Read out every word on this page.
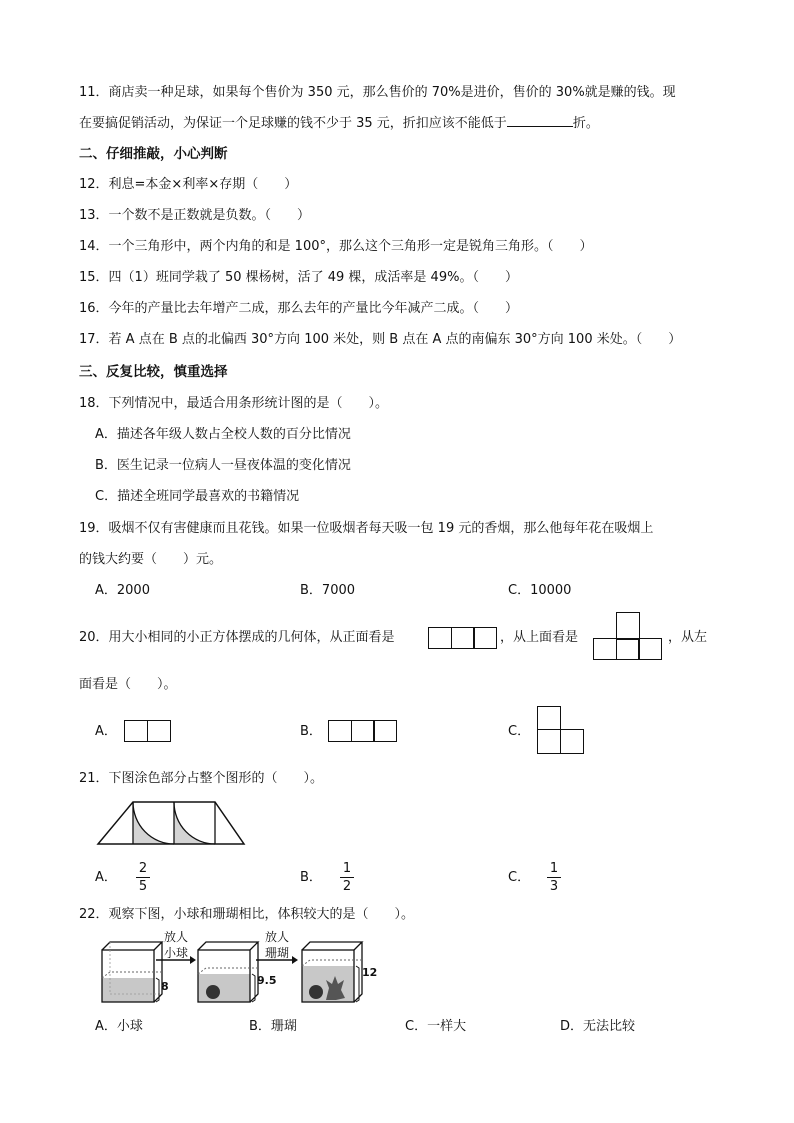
11．商店卖一种足球，如果每个售价为 350 元，那么售价的 70%是进价，售价的 30%就是赚的钱。现
在要搞促销活动，为保证一个足球赚的钱不少于 35 元，折扣应该不能低于	折。
二、仔细推敲，小心判断
12．利息=本金×利率×存期（　　）
13．一个数不是正数就是负数。（　　）
14．一个三角形中，两个内角的和是 100°，那么这个三角形一定是锐角三角形。（　　）
15．四（1）班同学栽了 50 棵杨树，活了 49 棵，成活率是 49%。（　　）
16．今年的产量比去年增产二成，那么去年的产量比今年减产二成。（　　）
17．若 A 点在 B 点的北偏西 30°方向 100 米处，则 B 点在 A 点的南偏东 30°方向 100 米处。（　　）
三、反复比较，慎重选择
18．下列情况中，最适合用条形统计图的是（　　）。
A．描述各年级人数占全校人数的百分比情况
B．医生记录一位病人一昼夜体温的变化情况
C．描述全班同学最喜欢的书籍情况
19．吸烟不仅有害健康而且花钱。如果一位吸烟者每天吸一包 19 元的香烟，那么他每年花在吸烟上
的钱大约要（　　）元。
A．2000	B．7000	C．10000
20．用大小相同的小正方体摆成的几何体，从正面看是	，从上面看是	，从左
面看是（　　）。
A．	B．	C．
21．下图涂色部分占整个图形的（　　）。
A．
2
5
B．
1
2
C．
1
3
22．观察下图，小球和珊瑚相比，体积较大的是（　　）。
放人
小球
放人
珊瑚
8	9.5
12
A．小球	B．珊瑚	C．一样大	D．无法比较
